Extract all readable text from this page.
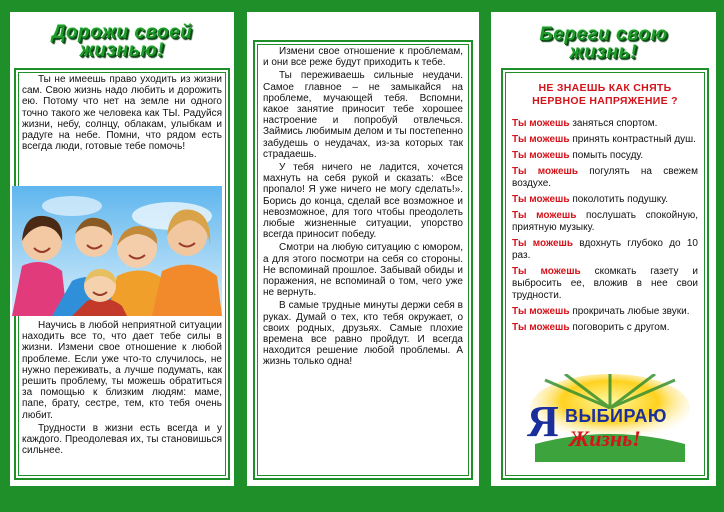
Дорожи своей
жизнью!

Ты не имеешь право уходить из жизни сам. Свою жизнь надо любить и дорожить ею. Потому что нет на земле ни одного точно такого же человека как ТЫ. Радуйся жизни, небу, солнцу, облакам, улыбкам и радуге на небе. Помни, что рядом есть всегда люди, готовые тебе помочь!

Научись в любой неприятной ситуации находить все то, что дает тебе силы в жизни. Измени свое отношение к любой проблеме. Если уже что-то случилось, не нужно переживать, а лучше подумать, как решить проблему, ты можешь обратиться за помощью к близким людям: маме, папе, брату, сестре, тем, кто тебя очень любит.

Трудности в жизни есть всегда и у каждого. Преодолевая их, ты становишься сильнее.

Измени свое отношение к проблемам, и они все реже будут приходить к тебе.

Ты переживаешь сильные неудачи. Самое главное – не замыкайся на проблеме, мучающей тебя. Вспомни, какое занятие приносит тебе хорошее настроение и попробуй отвлечься. Займись любимым делом и ты постепенно забудешь о неудачах, из-за которых так страдаешь.

У тебя ничего не ладится, хочется махнуть на себя рукой и сказать: «Все пропало! Я уже ничего не могу сделать!». Борись до конца, сделай все возможное и невозможное, для того чтобы преодолеть любые жизненные ситуации, упорство всегда приносит победу.

Смотри на любую ситуацию с юмором, а для этого посмотри на себя со стороны. Не вспоминай прошлое. Забывай обиды и поражения, не вспоминай о том, чего уже не вернуть.

В самые трудные минуты держи себя в руках. Думай о тех, кто тебя окружает, о своих родных, друзьях. Самые плохие времена все равно пройдут. И всегда находится решение любой проблемы. А жизнь только одна!

Береги свою
жизнь!
НЕ ЗНАЕШЬ КАК СНЯТЬ НЕРВНОЕ НАПРЯЖЕНИЕ ?
Ты можешь заняться спортом.
Ты можешь принять контрастный душ.
Ты можешь помыть посуду.
Ты можешь погулять на свежем воздухе.
Ты можешь поколотить подушку.
Ты можешь послушать спокойную, приятную музыку.
Ты можешь вдохнуть глубоко до 10 раз.
Ты можешь скомкать газету и выбросить ее, вложив в нее свои трудности.
Ты можешь прокричать любые звуки.
Ты можешь поговорить с другом.
Я ВЫБИРАЮ
Жизнь!
